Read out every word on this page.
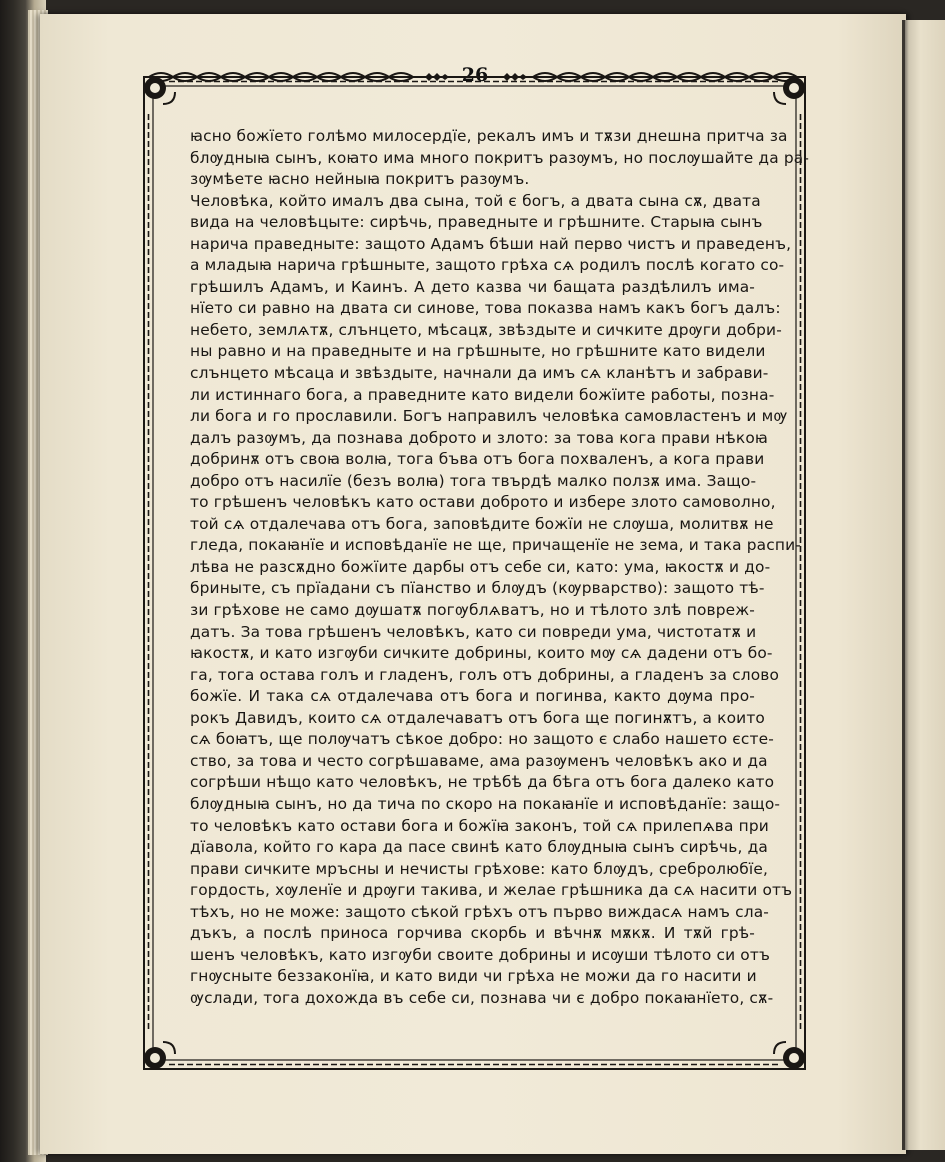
26
ꙗсно божїето голѣмо милосердїе, рекалъ имъ и тѫзи днешна притча за
блѹдныꙗ сынъ, коꙗто има много покритъ разѹмъ, но послѹшайте да ра-
зѹмѣете ꙗсно нейныꙗ покритъ разѹмъ.
Человѣка, който ималъ два сына, той є богъ, а двата сына сѫ, двата
вида на человѣцыте: сирѣчь, праведныте и грѣшните. Старыꙗ сынъ
нарича праведныте: защото Адамъ бѣши най перво чистъ и праведенъ,
а младыꙗ нарича грѣшныте, защото грѣха сѧ родилъ послѣ когато со-
грѣшилъ Адамъ, и Каинъ. А дето казва чи бащата раздѣлилъ има-
нїето си равно на двата си синове, това показва намъ какъ богъ далъ:
небето, землѧтѫ, слънцето, мѣсацѫ, звѣздыте и сичките дрѹги добри-
ны равно и на праведныте и на грѣшныте, но грѣшните като видели
слънцето мѣсаца и звѣздыте, начнали да имъ сѧ кланѣтъ и забрави-
ли истиннаго бога, а праведните като видели божїите работы, позна-
ли бога и го прославили. Богъ направилъ человѣка самовластенъ и мѹ
далъ разѹмъ, да познава доброто и злото: за това кога прави нѣкоꙗ
добринѫ отъ своꙗ волꙗ, тога бъва отъ бога похваленъ, а кога прави
добро отъ насилїе (безъ волꙗ) тога твърдѣ малко ползѫ има. Защо-
то грѣшенъ человѣкъ като остави доброто и избере злото самоволно,
той сѧ отдалечава отъ бога, заповѣдите божїи не слѹша, молитвѫ не
гледа, покаꙗнїе и исповѣданїе не ще, причащенїе не зема, и така распи-
лѣва не разсѫдно божїите дарбы отъ себе си, като: ума, ꙗкостѫ и до-
бриныте, съ прїадани съ пїанство и блѹдъ (кѹрварство): защото тѣ-
зи грѣхове не само дѹшатѫ погѹблѧватъ, но и тѣлото злѣ повреж-
датъ. За това грѣшенъ человѣкъ, като си повреди ума, чистотатѫ и
ꙗкостѫ, и като изгѹби сичките добрины, които мѹ сѧ дадени отъ бо-
га, тога остава голъ и гладенъ, голъ отъ добрины, а гладенъ за слово
божїе. И така сѧ отдалечава отъ бога и погинва, както дѹма про-
рокъ Давидъ, които сѧ отдалечаватъ отъ бога ще погинѫтъ, а които
сѧ боꙗтъ, ще полѹчатъ сѣкое добро: но защото є слабо нашето єсте-
ство, за това и често согрѣшаваме, ама разѹменъ человѣкъ ако и да
согрѣши нѣщо като человѣкъ, не трѣбѣ да бѣга отъ бога далеко като
блѹдныꙗ сынъ, но да тича по скоро на покаꙗнїе и исповѣданїе: защо-
то человѣкъ като остави бога и божїꙗ законъ, той сѧ прилепѧва при
дїавола, който го кара да пасе свинѣ като блѹдныꙗ сынъ сирѣчь, да
прави сичките мръсны и нечисты грѣхове: като блѹдъ, сребролюбїе,
гордость, хѹленїе и дрѹги такива, и желае грѣшника да сѧ насити отъ
тѣхъ, но не може: защото сѣкой грѣхъ отъ първо виждасѧ намъ сла-
дъкъ, а послѣ приноса горчива скорбь и вѣчнѫ мѫкѫ. И тѫй грѣ-
шенъ человѣкъ, като изгѹби своите добрины и исѹши тѣлото си отъ
гнѹсныте беззаконїꙗ, и като види чи грѣха не можи да го насити и
ѹслади, тога дохожда въ себе си, познава чи є добро покаꙗнїето, сѫ-
